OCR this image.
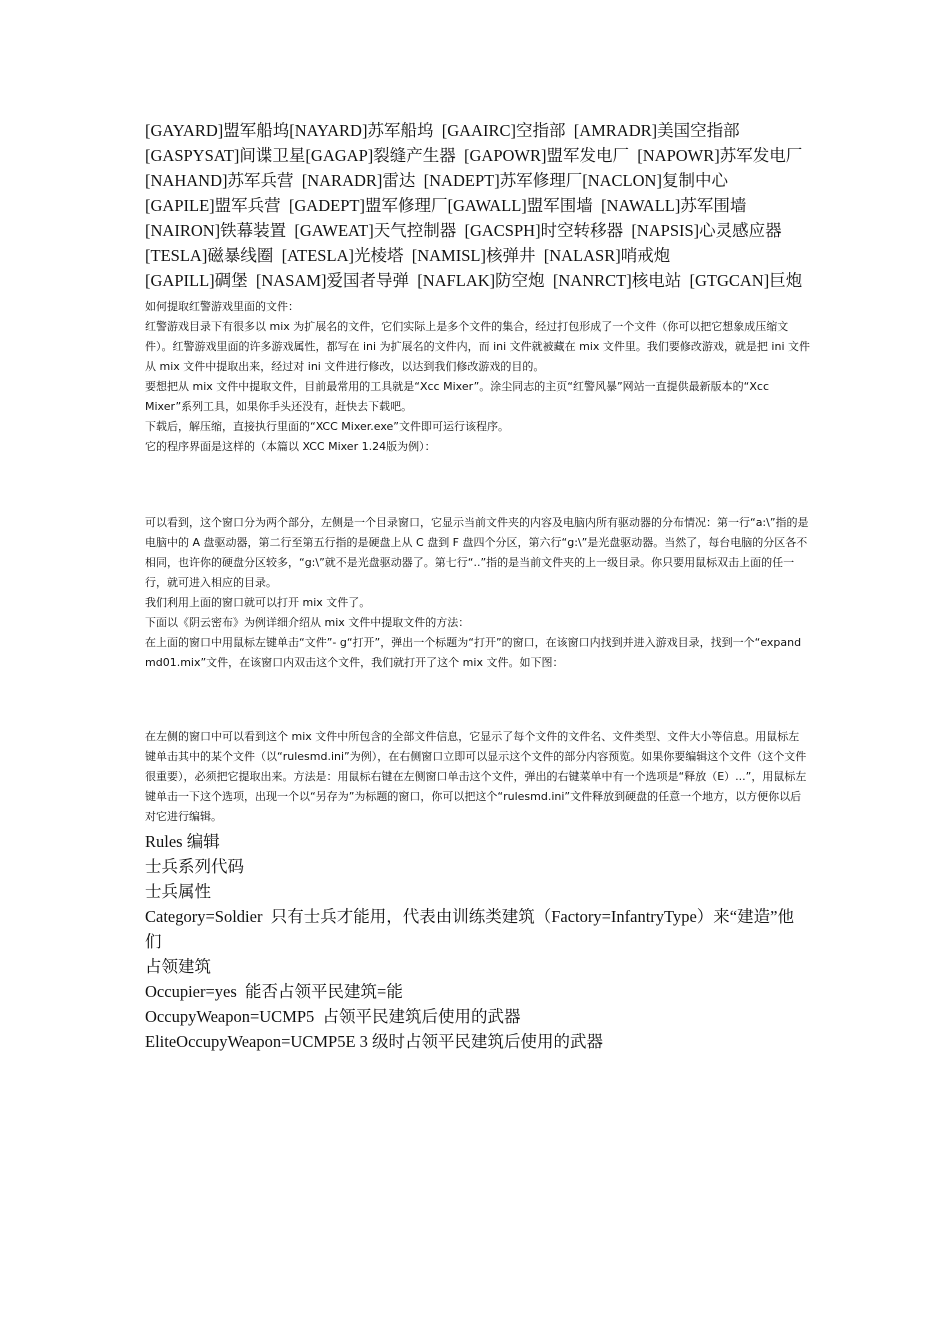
[GAYARD]盟军船坞[NAYARD]苏军船坞  [GAAIRC]空指部  [AMRADR]美国空指部

[GASPYSAT]间谍卫星[GAGAP]裂缝产生器  [GAPOWR]盟军发电厂  [NAPOWR]苏军发电厂

[NAHAND]苏军兵营  [NARADR]雷达  [NADEPT]苏军修理厂[NACLON]复制中心

[GAPILE]盟军兵营  [GADEPT]盟军修理厂[GAWALL]盟军围墙  [NAWALL]苏军围墙

[NAIRON]铁幕装置  [GAWEAT]天气控制器  [GACSPH]时空转移器  [NAPSIS]心灵感应器

[TESLA]磁暴线圈  [ATESLA]光棱塔  [NAMISL]核弹井  [NALASR]哨戒炮

[GAPILL]碉堡  [NASAM]爱国者导弹  [NAFLAK]防空炮  [NANRCT]核电站  [GTGCAN]巨炮

如何提取红警游戏里面的文件：

红警游戏目录下有很多以 mix 为扩展名的文件，它们实际上是多个文件的集合，经过打包形成了一个文件（你可以把它想象成压缩文件）。红警游戏里面的许多游戏属性，都写在 ini 为扩展名的文件内，而 ini 文件就被藏在 mix 文件里。我们要修改游戏，就是把 ini 文件从 mix 文件中提取出来，经过对 ini 文件进行修改，以达到我们修改游戏的目的。

要想把从 mix 文件中提取文件，目前最常用的工具就是“Xcc Mixer”。涂尘同志的主页“红警风暴”网站一直提供最新版本的“Xcc

Mixer”系列工具，如果你手头还没有，赶快去下载吧。

下载后，解压缩，直接执行里面的“XCC Mixer.exe”文件即可运行该程序。

它的程序界面是这样的（本篇以 XCC Mixer 1.24版为例）：

可以看到，这个窗口分为两个部分，左侧是一个目录窗口，它显示当前文件夹的内容及电脑内所有驱动器的分布情况：第一行“a:\”指的是电脑中的 A 盘驱动器，第二行至第五行指的是硬盘上从 C 盘到 F 盘四个分区，第六行“g:\”是光盘驱动器。当然了，每台电脑的分区各不相同，也许你的硬盘分区较多，“g:\”就不是光盘驱动器了。第七行“..”指的是当前文件夹的上一级目录。你只要用鼠标双击上面的任一行，就可进入相应的目录。

我们利用上面的窗口就可以打开 mix 文件了。

下面以《阴云密布》为例详细介绍从 mix 文件中提取文件的方法：

在上面的窗口中用鼠标左键单击“文件”- g“打开”，弹出一个标题为“打开”的窗口，在该窗口内找到并进入游戏目录，找到一个“expandmd01.mix”文件，在该窗口内双击这个文件，我们就打开了这个 mix 文件。如下图：

在左侧的窗口中可以看到这个 mix 文件中所包含的全部文件信息，它显示了每个文件的文件名、文件类型、文件大小等信息。用鼠标左键单击其中的某个文件（以“rulesmd.ini”为例），在右侧窗口立即可以显示这个文件的部分内容预览。如果你要编辑这个文件（这个文件很重要），必须把它提取出来。方法是：用鼠标右键在左侧窗口单击这个文件，弹出的右键菜单中有一个选项是“释放（E）...”，用鼠标左键单击一下这个选项，出现一个以“另存为”为标题的窗口，你可以把这个“rulesmd.ini”文件释放到硬盘的任意一个地方，以方便你以后对它进行编辑。

Rules 编辑

士兵系列代码

士兵属性

Category=Soldier  只有士兵才能用，代表由训练类建筑（Factory=InfantryType）来“建造”他们

占领建筑

Occupier=yes  能否占领平民建筑=能

OccupyWeapon=UCMP5  占领平民建筑后使用的武器

EliteOccupyWeapon=UCMP5E 3 级时占领平民建筑后使用的武器
